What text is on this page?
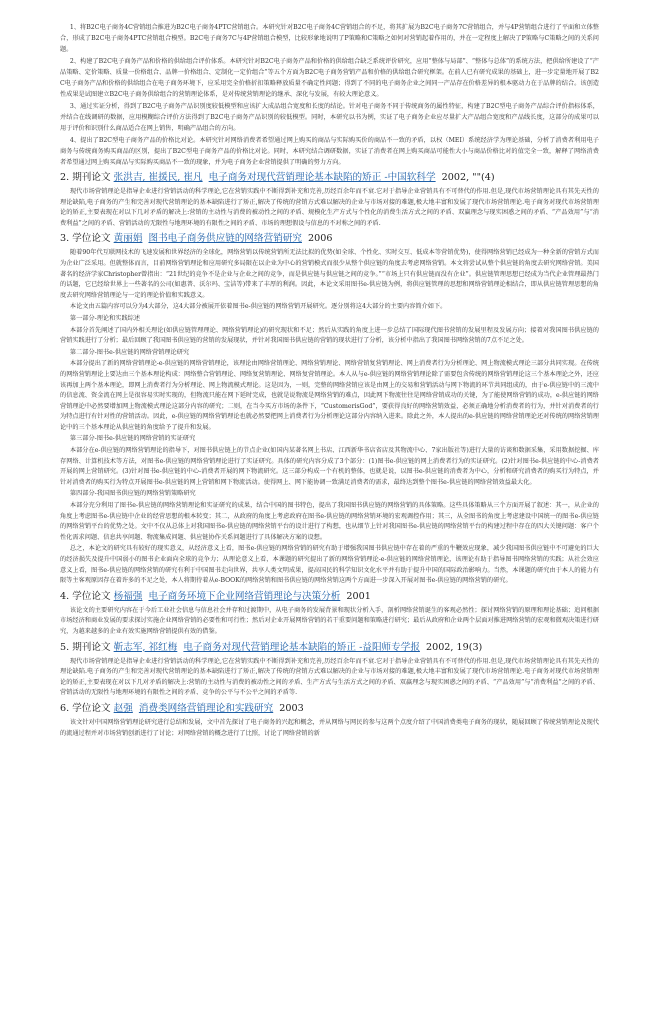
1、将B2C电子商务4C营销组合推进为B2C电子商务4PTC营销组合。本研究针对B2C电子商务4C营销组合的不足，将其扩展为B2C电子商务7C营销组合，并与4P营销组合进行了平面和立体整合，形成了B2C电子商务4PTC营销组合模型。B2C电子商务7C与4P营销组合模型，比较形象地说明了P策略和C策略之如何对营销起着作用的，并在一定程度上解决了P策略与C策略之间的关系问题。

2、构建了B2C电子商务产品和价格的供给组合评价体系。本研究针对B2C电子商务产品和价格的供给组合缺乏系统评价研究，应用“整体与局部”、“整体与总体”的系统方法，把供给所建设了“产品策略、定价策略、质量一价格组合、品牌一价格组合、定制化一定价组合”等五个方面为B2C电子商务营销产品和价格的供给组合研究框架。在前人已有研究成果的基础上，进一步定量地开展了B2C电子商务产品和价格的供给组合在电子商务环境下，应采用完全价格折扣策略释放质量不确定性问题；得到了不同的电子商务企业之间同一产品存在价格差异的根本驱动力在于品牌的结合。该创造性成果是试图建立B2C电子商务供给组合的营销理论体系，是对传统营销理论的继承、深化与发展，有较大理论意义。

3、通过实证分析，得到了B2C电子商务产品识别度较低模型和应该扩大成品组合宽度和长度的结论。针对电子商务不同于传统商务的属性特征，构建了B2C型电子商务产品综合评价指标体系，并结合在线调研的数据，应用模糊综合评价方法得到了B2C电子商务产品识别的较低模型。同时，本研究以书为例，实证了电子商务企业应尽量扩大产品组合宽度和产品线长度，这部分的成果可以用于评价和识别什么商品适合在网上销售，明确产品组合的方向。

4、提出了B2C型电子商务产品的价格比对论。本研究针对网络消费者希望通过网上购买的商品与实际购买价的商品不一致的矛盾，以权（MEI）系统经济学为理论基础，分析了消费者利用电子商务与传统商务购买商品的区别，提出了B2C型电子商务产品的价格比对论。同时，本研究结合调研数据，实证了消费者在网上购买商品可能性大小与商品价格比对的值完全一致，解释了网络消费者希望通过网上购买商品与实际购买商品不一致的现象，并为电子商务企业营销提供了明确的努力方向。

2. 期刊论文 张洪吉, 崔援民, 崔凡 电子商务对现代营销理论基本缺陷的矫正 -中国软科学 2002, ""(4)

现代市场营销理论是指导企业进行营销活动的科学理论,它在营销实践中不断得到补充和完善,历经百余年而不衰.它对于指导企业营销具有不可替代的作用.但是,现代市场营销理论具有其先天性的理论缺陷,电子商务的产生和完善对现代营销理论的基本缺陷进行了矫正,解决了传统的营销方式难以解决的企业与市场对接的难题,极大地丰富和发展了现代市场营销理论.电子商务对现代市场营销理论的矫正,主要表现在对以下几对矛盾的解决上:营销的主动性与消费的被动性之间的矛盾、规模化生产方式与个性化的消费生活方式之间的矛盾、双赢理念与现实困惑之间的矛盾、“产品效用”与“消费利益”之间的矛盾、营销活动的无限性与地理环境的有限性之间的矛盾、市场的理想假设与信息的不对称之间的矛盾.

3. 学位论文 黄丽娟 图书电子商务供应链的网络营销研究 2006

随着90年代互联网技术的飞速发展和世界经济的全球化，网络营销以传统营销所无法比拟的优势(如全球、个性化、实时交互、低成本等营销优势)，使得网络营销已经成为一种全新的营销方式而为企业广泛采用。但就整体而言，目前网络营销理论和应用研究多局限在以企业为中心的营销模式而很少从整个供应链的角度去考虑网络营销。本文将尝试从整个供应链的角度去研究网络营销。美国著名的经济学家Christopher曾指出：“21世纪的竞争不是企业与企业之间的竞争，而是供应链与供应链之间的竞争。”“市场上只有供应链而没有企业”。供应链管理思想已经成为当代企业管理最热门的话题，它已经给世界上一些著名的公司(如惠普、沃尔玛、宝洁等)带来了丰厚的利润。因此，本论文采用图书e-供应链为例，将供应链管理的思想和网络营销理论相结合，即从供应链管理思想的角度去研究网络营销理论与一定的理论价值和实践意义。

本论文由五篇内容可以分为4大部分，这4大部分被展开依着图书e-供应链的网络营销开展研究。逐分别将这4大部分的主要内容简介如下。

第一部分-理论和实践综述

本部分首先阐述了国内外相关理论(如供应链管理理论、网络营销理论)的研究现状和不足；然后从实践的角度上进一步总结了国际现代图书营销的发展里程及发展方向；接着对我国图书供应链的营销实践进行了分析；最后回顾了我国图书供应链的营销的发展现状，并针对我国图书供应链的营销的现状进行了分析，该分析中指出了我国图书网络营销的7点不足之处。

第二部分-图书e-供应链的网络营销理论研究

本部分提出了新的网络营销理论-e-供应链的网络营销理论，该理论由网络营销理论、网络营销理论、网络营销复营销理论、网上消费者行为分析理论、网上物流模式理论三部分共同实现。在传统的网络营销理论上要达由三个基本理论构成：网络整合营销理论、网络复营销理论、网络复营销理论。本人从与e-供应链的网络营销理论除了需要包含传统的网络营销理论这三个基本理论之外，还应该再加上两个基本理论，即网上消费者行为分析理论、网上物流模式理论。这是因为，一则，完整的网络营销应该是由网上的交易和营销活动与网下物流的环节共同组成的，由于e-供应链中的三流中的信息流、资金流在网上是很容易实时实现的，但物流只能在网下延时完成，也就是说物流是网络营销的难点，因此网下物流往往是网络营销成功的关键，为了能使网络营销的成功，e-供应链的网络营销理论中必然要增加网上物流模式理论这部分内容的研究；二则，在当今买方市场的条件下，“CustomerisGod”，要获得良好的网络营销效益，必须正确地分析消费者的行为，并针对消费者的行为特点进行有针对性的营销活动。因此，e-供应链的网络营销理论也就必然要把网上消费者行为分析理论这部分内容纳入进来。除此之外，本人提出的e-供应链的网络营销理论还对传统的网络营销理论中的三个基本理论从供应链的角度给予了提升和发展。

第三部分-图书e-供应链的网络营销的实证研究

本部分在e-供应链的网络营销理论的指导下，对图书供应链上的节点企业(如国内某著名网上书店、江西新华书店省店及其物流中心、7家出版社等)进行大量的访谈和数据采集，采用数据挖掘、库存网络、计算机技术等方法，对图书e-供应链的网络营销理论进行了实证研究。具体的研究内容分成了3个部分：(1)图书e-供应链的网上消费者行为的实证研究。(2)针对图书e-供应链的中心-消费者开展的网上营销研究。(3)针对图书e-供应链的中心-消费者开展的网下物流研究。这三部分构成一个有机的整体，也就是说，以图书e-供应链的消费者为中心，分析和研究消费者的购买行为特点，并针对消费者的购买行为特点开展图书e-供应链的网上营销和网下物流活动。使得网上、网下能协调一致满足消费者的需求，最终达到整个图书e-供应链的网络营销效益最大化。

第四部分-我国图书供应链的网络营销策略研究

本部分充分利用了图书e-供应链的网络营销理论和实证研究的成果，结合中国的图书特色，提出了我国图书供应链的网络营销的具体策略。这些具体策略从三个方面开展了叙述：其一，从企业的角度上考虑图书e-供应链中企业的经营思想的根本转变；其二，从政府的角度上考虑政府在图书e-供应链的网络营销环境的宏观调控作用；其三，从全图书的角度上考虑建设中国统一的图书e-供应链的网络营销平台的优势之处。文中不仅从总体上对我国图书e-供应链的网络营销平台的设计进行了构想，也从细节上针对我国图书e-供应链的网络营销平台的构建过程中存在的四大关键问题：客户个性化需求问题、信息共享问题、物流集成问题、供应链协作关系问题进行了具体解决方案的设想。

总之，本论文的研究具有较好的现实意义，从经济意义上看，图书e-供应链的网络营销的研究有助于增强我国图书供应链中存在着的严重的牛鞭效应现象，减少我国图书供应链中不可避免的巨大的经济损失及提升中国弱小的图书企业面向全球的竞争力；从理论意义上看，本课题的研究提出了新的网络营销理论-e-供应链的网络营销理论，该理论有助于指导图书网络营销的实践；从社会效应意义上看，图书e-供应链的网络营销的研究有利于中国图书走向世界，共享人类文明成果，提高国民的科学知识文化水平并有助于提升中国的国际政治影响力。当然，本课题的研究由于本人的能力有限等主客观原因存在着许多的不足之处，本人将期待着从e-BOOK的网络营销和图书供应链的网络营销这两个方面进一步深入开展对图书e-供应链的网络营销的研究。

4. 学位论文 杨福强 电子商务环境下企业网络营销理论与决策分析 2001

该论文的主要研究内容在于今后工业社会信息与信息社会并存和过渡期中，从电子商务的发展背景和现状分析入手，剖析网络营销诞生的客观必然性；探讨网络营销的原理和理论基础；追问根据市场经济和商业发展的要求探讨实施企业网络营销的必要性和可行性；然后对企业开展网络营销的若干重要问题和策略进行研究；最后从政府和企业两个层面对推进网络营销的宏观和微观决策进行研究，为越来越多的企业有效实施网络营销提供有效的借鉴。

5. 期刊论文 靳志军, 祁红梅 电子商务对现代营销理论基本缺陷的矫正 -益阳师专学报 2002, 19(3)

现代市场营销理论是指导企业进行营销活动的科学理论,它在营销实践中不断得到补充和完善,历经百余年而不衰.它对于指导企业营销具有不可替代的作用.但是,现代市场营销理论具有其先天性的理论缺陷.电子商务的产生和完善对现代营销理论的基本缺陷进行了矫正,解决了传统的营销方式难以解决的企业与市场对接的难题,极大地丰富和发展了现代市场营销理论.电子商务对现代市场营销理论的矫正,主要表现在对以下几对矛盾的解决上:营销的主动性与消费的被动性之间的矛盾、生产方式与生活方式之间的矛盾、双赢理念与现实困惑之间的矛盾、“产品效用”与“消费利益”之间的矛盾、营销活动的无限性与地理环境的有限性之间的矛盾、竞争的公平与不公平之间的矛盾等.

6. 学位论文 赵强 消费类网络营销理论和实践研究 2003

该文针对中国网络营销理论研究进行总结和发展，文中首先探讨了电子商务的兴起和概念，并从网络与网民的参与这两个点度介绍了中国消费类电子商务的现状，随展回顾了传统营销理论及现代的流通过程并对市场营销创新进行了讨论；对网络营销的概念进行了比照，讨论了网络营销的新
